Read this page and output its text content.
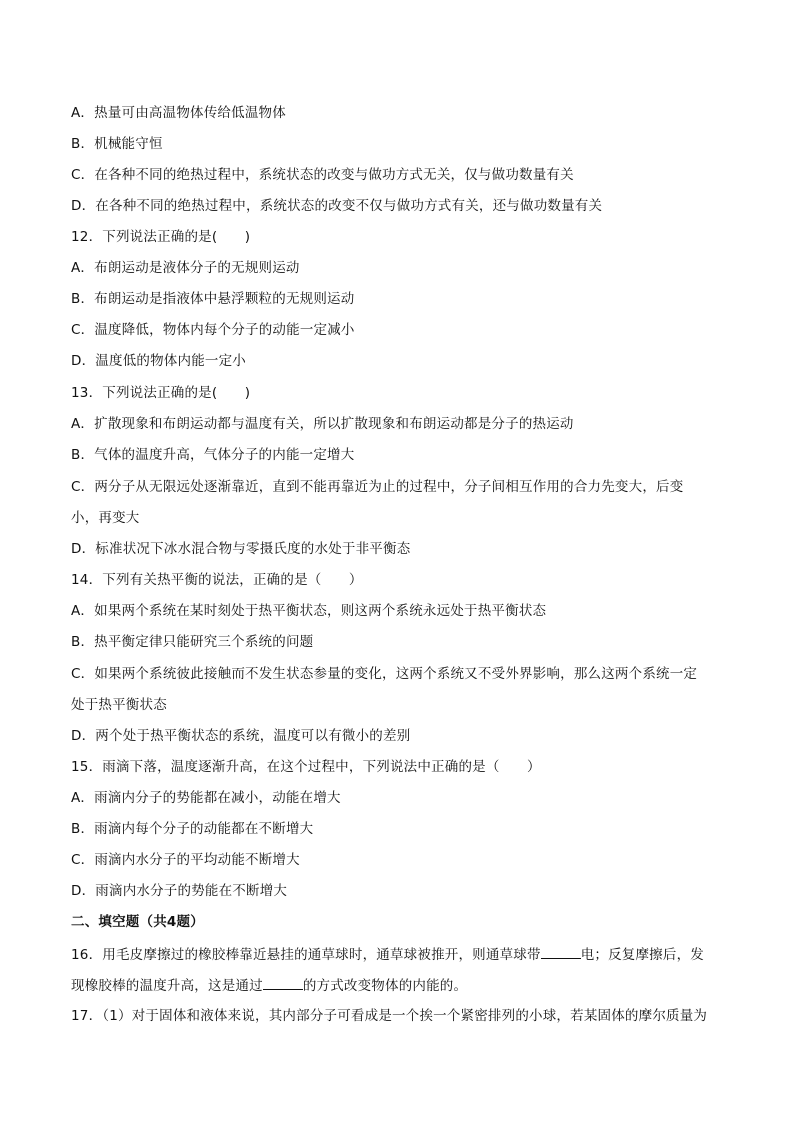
A．热量可由高温物体传给低温物体
B．机械能守恒
C．在各种不同的绝热过程中，系统状态的改变与做功方式无关，仅与做功数量有关
D．在各种不同的绝热过程中，系统状态的改变不仅与做功方式有关，还与做功数量有关
12．下列说法正确的是(　　)
A．布朗运动是液体分子的无规则运动
B．布朗运动是指液体中悬浮颗粒的无规则运动
C．温度降低，物体内每个分子的动能一定减小
D．温度低的物体内能一定小
13．下列说法正确的是(　　)
A．扩散现象和布朗运动都与温度有关，所以扩散现象和布朗运动都是分子的热运动
B．气体的温度升高，气体分子的内能一定增大
C．两分子从无限远处逐渐靠近，直到不能再靠近为止的过程中，分子间相互作用的合力先变大，后变
小，再变大
D．标准状况下冰水混合物与零摄氏度的水处于非平衡态
14．下列有关热平衡的说法，正确的是（　　）
A．如果两个系统在某时刻处于热平衡状态，则这两个系统永远处于热平衡状态
B．热平衡定律只能研究三个系统的问题
C．如果两个系统彼此接触而不发生状态参量的变化，这两个系统又不受外界影响，那么这两个系统一定
处于热平衡状态
D．两个处于热平衡状态的系统，温度可以有微小的差别
15．雨滴下落，温度逐渐升高，在这个过程中，下列说法中正确的是（　　）
A．雨滴内分子的势能都在减小，动能在增大
B．雨滴内每个分子的动能都在不断增大
C．雨滴内水分子的平均动能不断增大
D．雨滴内水分子的势能在不断增大
二、填空题（共4题）
16．用毛皮摩擦过的橡胶棒靠近悬挂的通草球时，通草球被推开，则通草球带	电；反复摩擦后，发
现橡胶棒的温度升高，这是通过	的方式改变物体的内能的。
17．（1）对于固体和液体来说，其内部分子可看成是一个挨一个紧密排列的小球，若某固体的摩尔质量为
